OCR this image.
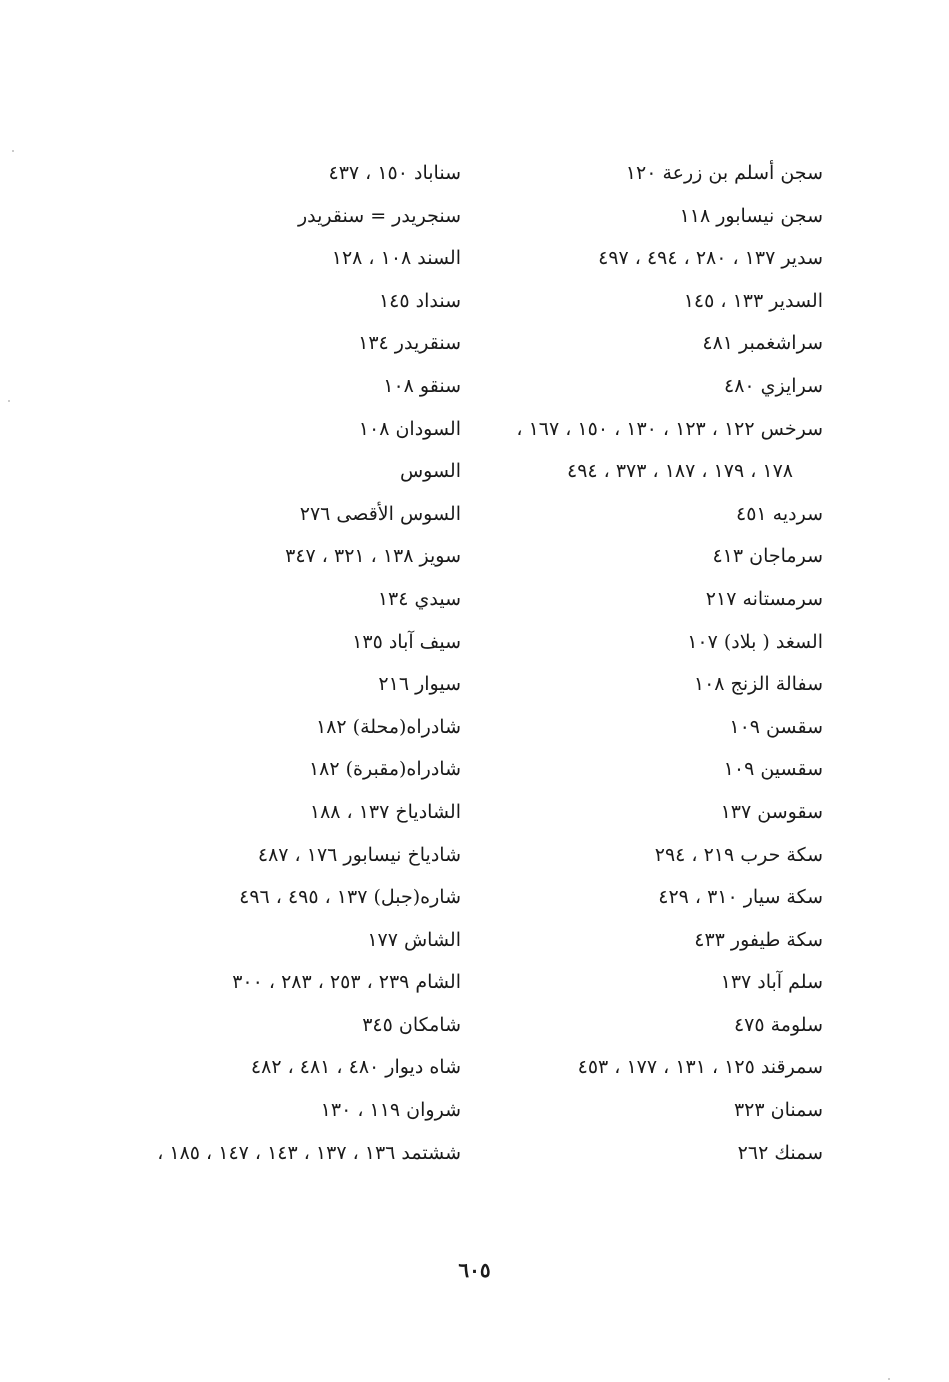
سجن أسلم بن زرعة ١٢٠
سجن نيسابور ١١٨
سدير ١٣٧ ، ٢٨٠ ، ٤٩٤ ، ٤٩٧
السدير ١٣٣ ، ١٤٥
سراشغمبر ٤٨١
سرايزي ٤٨٠
سرخس ١٢٢ ، ١٢٣ ، ١٣٠ ، ١٥٠ ، ١٦٧ ،
١٧٨ ، ١٧٩ ، ١٨٧ ، ٣٧٣ ، ٤٩٤
سرديه ٤٥١
سرماجان ٤١٣
سرمستانه ٢١٧
السغد ( بلاد) ١٠٧
سفالة الزنج ١٠٨
سقسن ١٠٩
سقسين ١٠٩
سقوسن ١٣٧
سكة حرب ٢١٩ ، ٢٩٤
سكة سيار ٣١٠ ، ٤٢٩
سكة طيفور ٤٣٣
سلم آباد ١٣٧
سلومة ٤٧٥
سمرقند ١٢٥ ، ١٣١ ، ١٧٧ ، ٤٥٣
سمنان ٣٢٣
سمنك ٢٦٢
سناباد ١٥٠ ، ٤٣٧
سنجريدر = سنقريدر
السند ١٠٨ ، ١٢٨
سنداد ١٤٥
سنقريدر ١٣٤
سنقو ١٠٨
السودان ١٠٨
السوس
السوس الأقصى ٢٧٦
سويز ١٣٨ ، ٣٢١ ، ٣٤٧
سيدي ١٣٤
سيف آباد ١٣٥
سيوار ٢١٦
شادراه(محلة) ١٨٢
شادراه(مقبرة) ١٨٢
الشادياخ ١٣٧ ، ١٨٨
شادياخ نيسابور ١٧٦ ، ٤٨٧
شاره(جبل) ١٣٧ ، ٤٩٥ ، ٤٩٦
الشاش ١٧٧
الشام ٢٣٩ ، ٢٥٣ ، ٢٨٣ ، ٣٠٠
شامكان ٣٤٥
شاه ديوار ٤٨٠ ، ٤٨١ ، ٤٨٢
شروان ١١٩ ، ١٣٠
ششتمد ١٣٦ ، ١٣٧ ، ١٤٣ ، ١٤٧ ، ١٨٥ ،
٦٠٥
